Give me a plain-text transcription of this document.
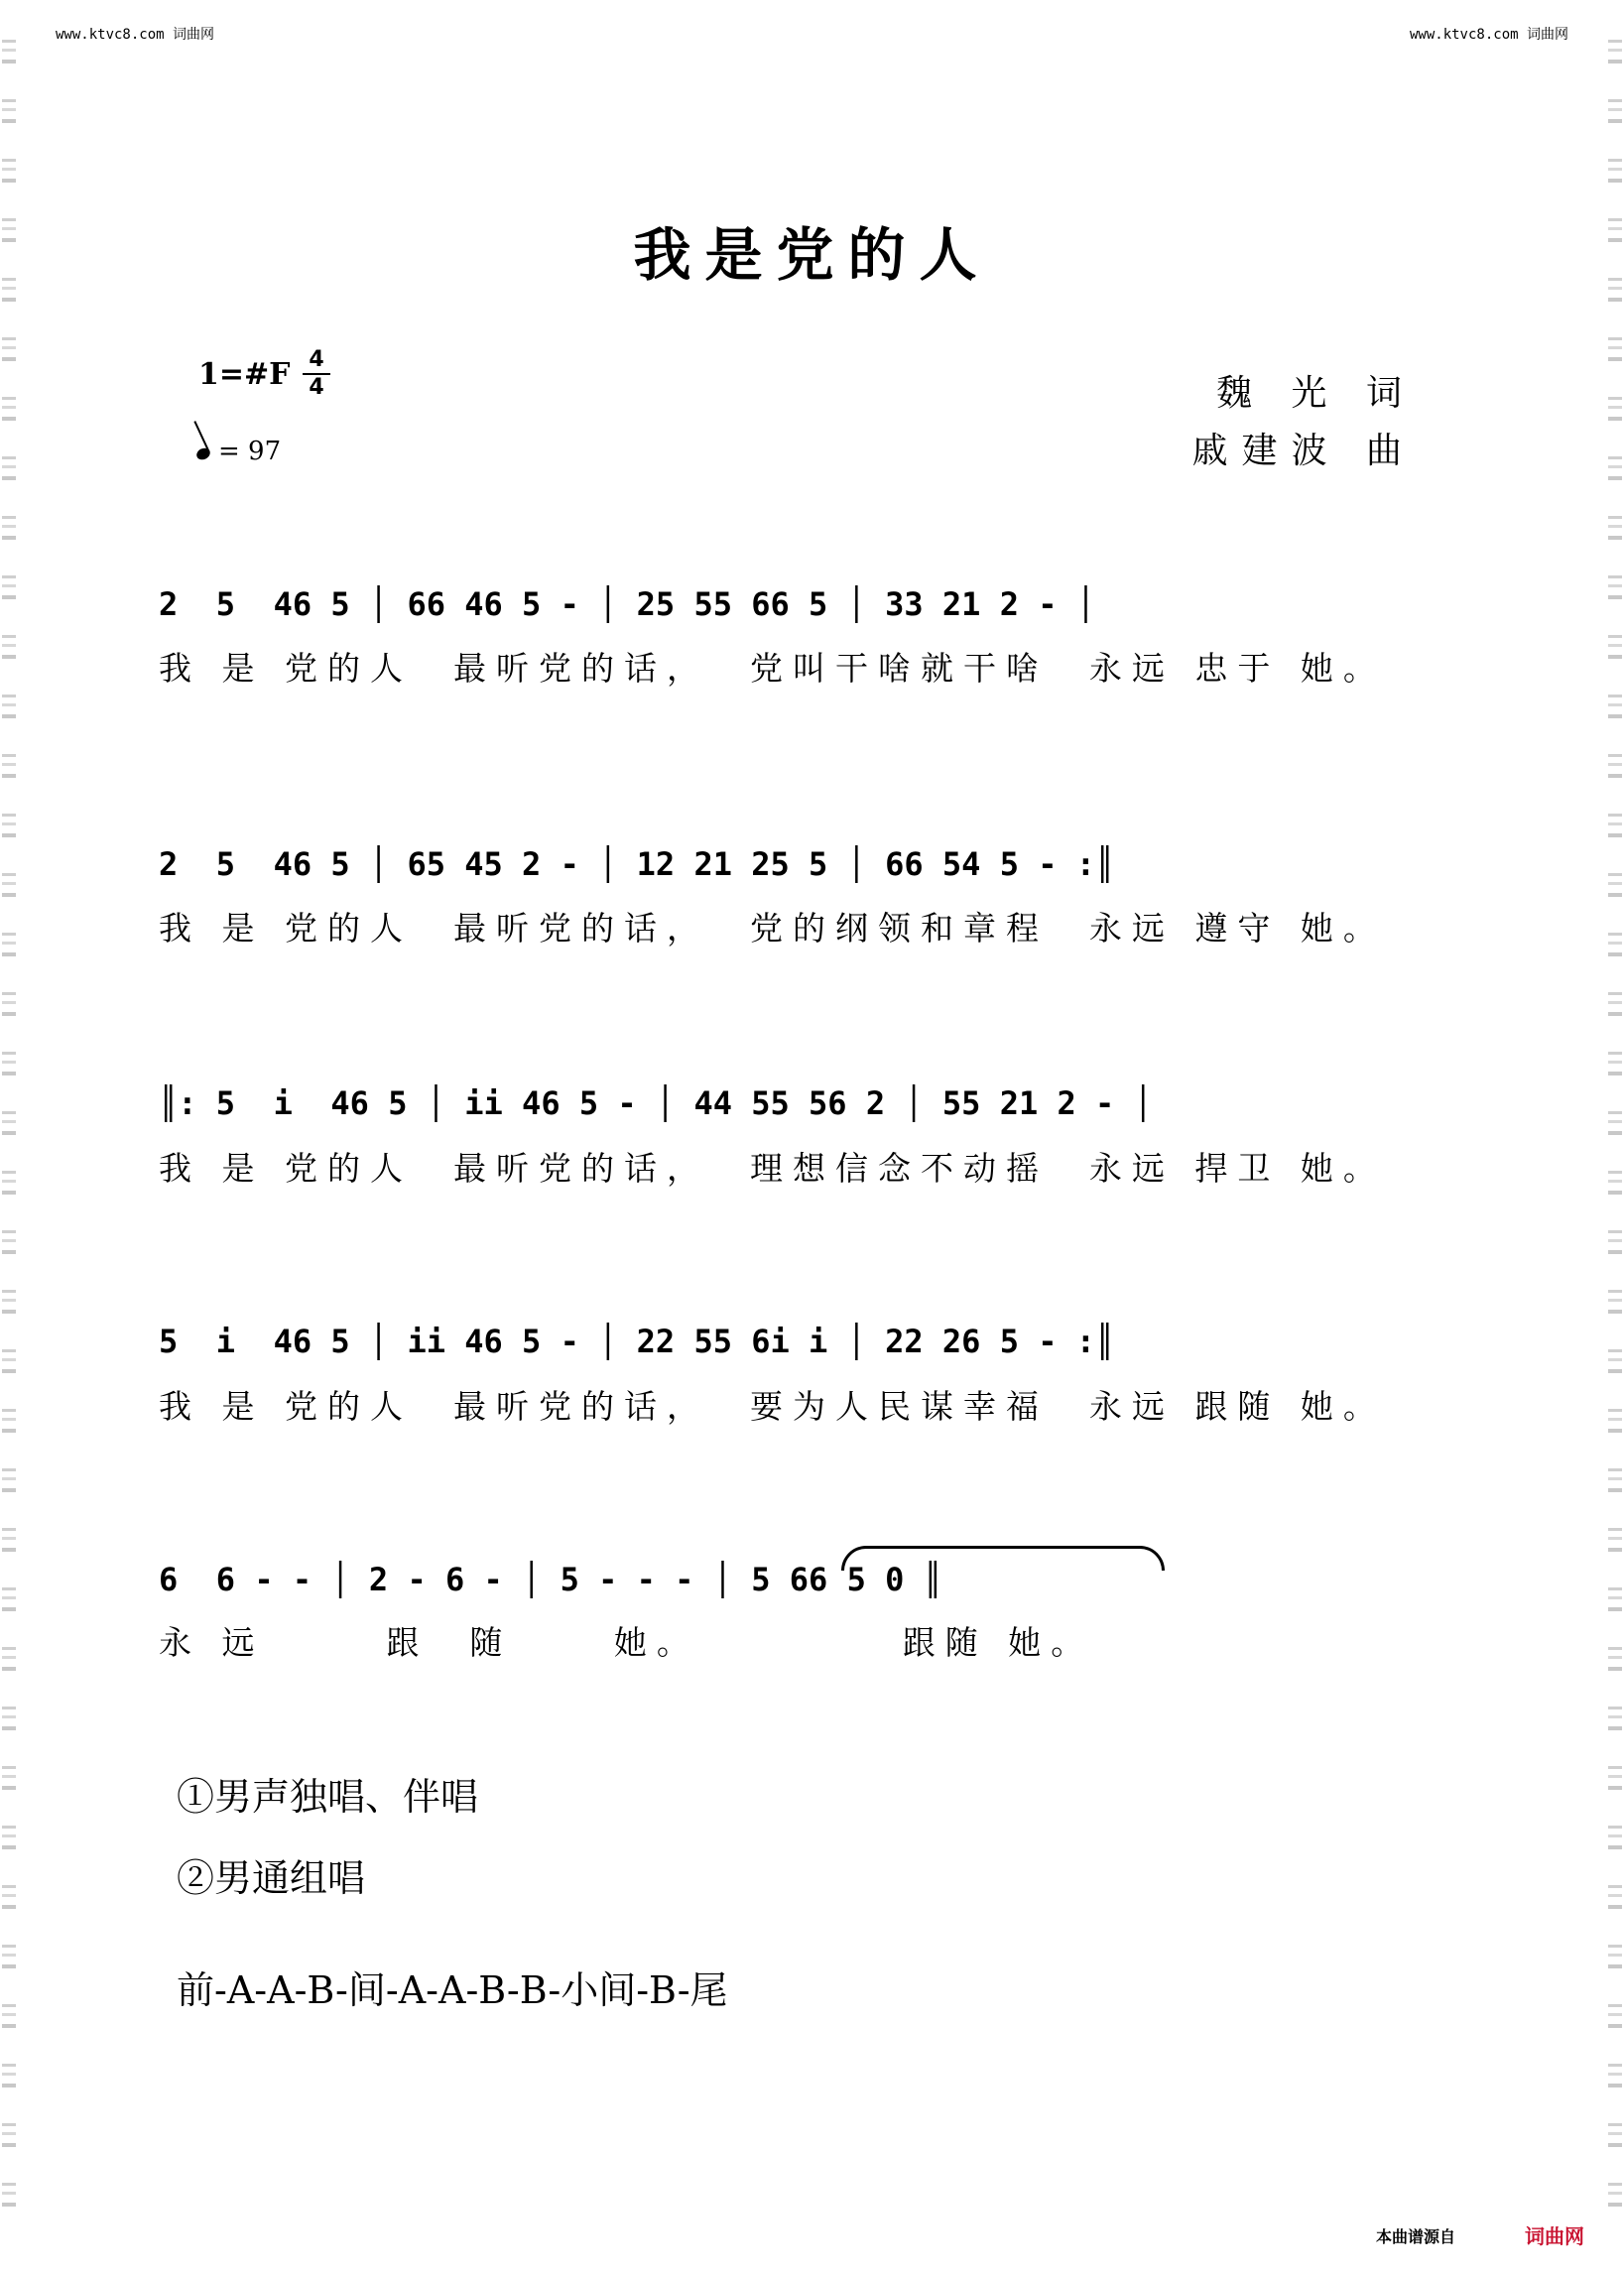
www.ktvc8.com 词曲网	www.ktvc8.com 词曲网
我是党的人
1=#F 4
4
= 97
魏 光 词
戚建波 曲
2  5  46 5 │ 66 46 5 - │ 25 55 66 5 │ 33 21 2 - │
我 是 党的人  最听党的话，  党叫干啥就干啥  永远 忠于 她。
2  5  46 5 │ 65 45 2 - │ 12 21 25 5 │ 66 54 5 - :║
我 是 党的人  最听党的话，  党的纲领和章程  永远 遵守 她。
║: 5  i  46 5 │ ii 46 5 - │ 44 55 56 2 │ 55 21 2 - │
我 是 党的人  最听党的话，  理想信念不动摇  永远 捍卫 她。
5  i  46 5 │ ii 46 5 - │ 22 55 6i i │ 22 26 5 - :║
我 是 党的人  最听党的话，  要为人民谋幸福  永远 跟随 她。
6  6 - - │ 2 - 6 - │ 5 - - - │ 5 66 5 0 ║
永 远      跟  随     她。          跟随 她。
①男声独唱、伴唱
②男通组唱
前-A-A-B-间-A-A-B-B-小间-B-尾
本曲谱源自	词曲网
